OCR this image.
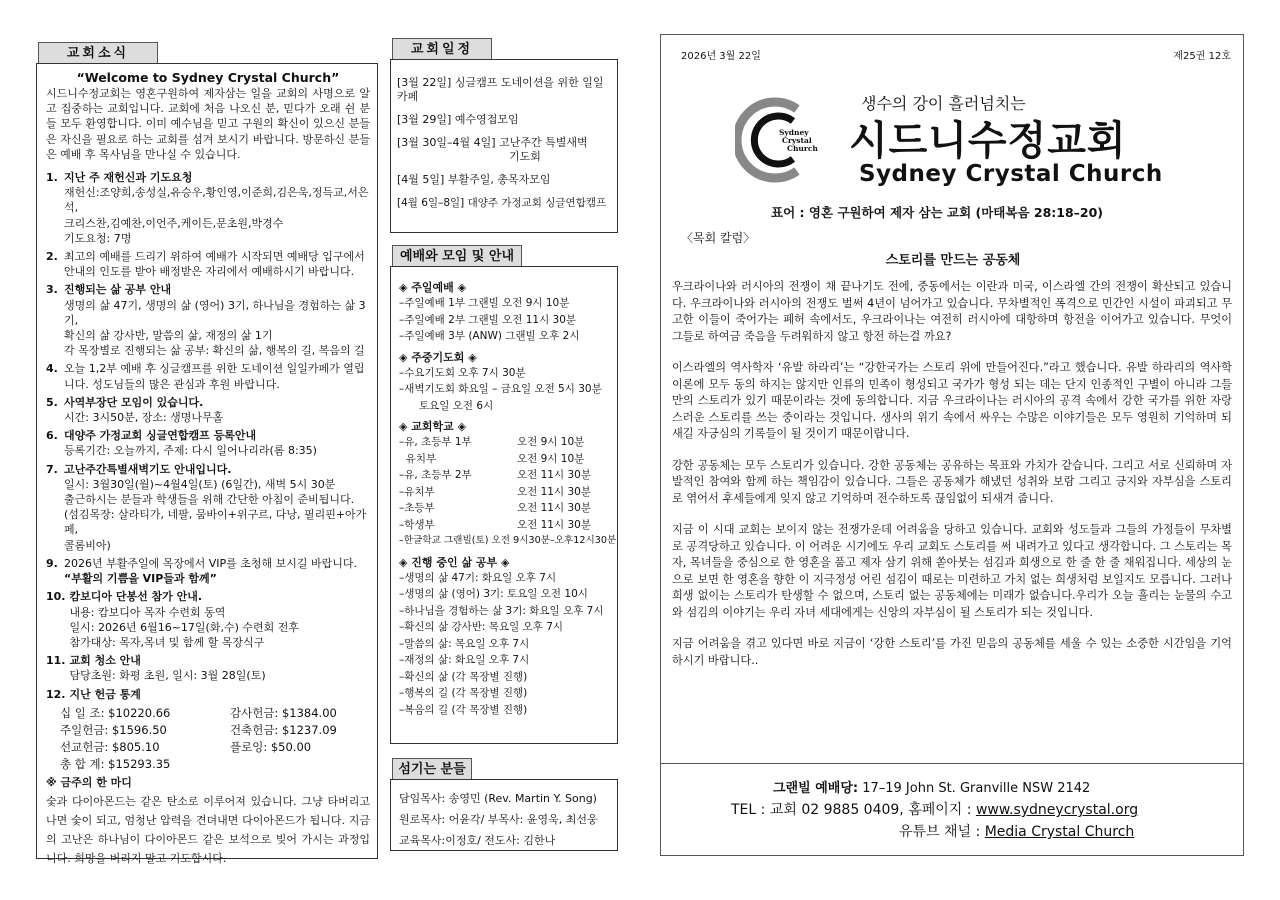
교회소식
“Welcome to Sydney Crystal Church”
시드니수정교회는 영혼구원하여 제자삼는 일을 교회의 사명으로 알고 집중하는 교회입니다. 교회에 처음 나오신 분, 믿다가 오래 쉰 분들 모두 환영합니다. 이미 예수님을 믿고 구원의 확신이 있으신 분들은 자신을 필요로 하는 교회를 섬겨 보시기 바랍니다. 방문하신 분들은 예배 후 목사님을 만나실 수 있습니다.
1. 지난 주 재헌신과 기도요청
재헌신:조양희,송성실,유승우,황인영,이준희,김은욱,정득교,서은석,
크리스찬,김예찬,이언주,케이든,문초원,박경수
기도요청: 7명
2. 최고의 예배를 드리기 위하여 예배가 시작되면 예배당 입구에서 안내의 인도를 받아 배정받은 자리에서 예배하시기 바랍니다.
3. 진행되는 삶 공부 안내
생명의 삶 47기, 생명의 삶 (영어) 3기, 하나님을 경험하는 삶 3기,
확신의 삶 강사반, 말씀의 삶, 재정의 삶 1기
각 목장별로 진행되는 삶 공부: 확신의 삶, 행복의 길, 복음의 길
4. 오늘 1,2부 예배 후 싱글캠프를 위한 도네이션 일일카페가 열립니다. 성도님들의 많은 관심과 후원 바랍니다.
5. 사역부장단 모임이 있습니다.
시간: 3시50분, 장소: 생명나무홀
6. 대양주 가정교회 싱글연합캠프 등록안내
등록기간: 오늘까지, 주제: 다시 일어나리라(롬 8:35)
7. 고난주간특별새벽기도 안내입니다.
일시: 3월30일(월)~4월4일(토) (6일간), 새벽 5시 30분
출근하시는 분들과 학생들을 위해 간단한 아침이 준비됩니다.
(섬김목장: 살라티가, 네팔, 뭄바이+위구르, 다낭, 필리핀+아가페,
콜롬비아)
9. 2026년 부활주일에 목장에서 VIP를 초청해 보시길 바랍니다.
“부활의 기쁨을 VIP들과 함께”
10. 캄보디아 단봉선 참가 안내.
내용: 캄보디아 목자 수련회 동역
일시: 2026년 6월16~17일(화,수) 수련회 전후
참가대상: 목자,목녀 및 함께 할 목장식구
11. 교회 청소 안내
담당초원: 화평 초원, 일시: 3월 28일(토)
12. 지난 헌금 통계
십 일 조: $10220.66	감사헌금: $1384.00
주일헌금: $1596.50	건축헌금: $1237.09
선교헌금: $805.10	플로잉: $50.00
총 합 계: $15293.35
※ 금주의 한 마디
숯과 다이아몬드는 같은 탄소로 이루어져 있습니다. 그냥 타버리고 나면 숯이 되고, 엄청난 압력을 견뎌내면 다이아몬드가 됩니다. 지금의 고난은 하나님이 다이아몬드 같은 보석으로 빚어 가시는 과정입니다. 희망을 버리지 말고 기도합시다.
교회일정
[3월 22일] 싱글캠프 도네이션을 위한 일일카페
[3월 29일] 예수영접모임
[3월 30일–4월 4일] 고난주간 특별새벽
기도회
[4월 5일] 부활주일, 총목자모임
[4월 6일–8일] 대양주 가정교회 싱글연합캠프
예배와 모임 및 안내
◈ 주일예배 ◈
–주일예배 1부 그랜빌 오전 9시 10분
–주일예배 2부 그랜빌 오전 11시 30분
–주일예배 3부 (ANW) 그랜빌 오후 2시
◈ 주중기도회 ◈
–수요기도회 오후 7시 30분
–새벽기도회 화요일 – 금요일 오전 5시 30분
토요일 오전 6시
◈ 교회학교 ◈
–유, 초등부 1부	오전 9시 10분
유치부	오전 9시 10분
–유, 초등부 2부	오전 11시 30분
–유치부	오전 11시 30분
–초등부	오전 11시 30분
–학생부	오전 11시 30분
–한글학교 그랜빌(토) 오전 9시30분–오후12시30분
◈ 진행 중인 삶 공부 ◈
–생명의 삶 47기: 화요일 오후 7시
–생명의 삶 (영어) 3기: 토요일 오전 10시
–하나님을 경험하는 삶 3기: 화요일 오후 7시
–확신의 삶 강사반: 목요일 오후 7시
–말씀의 삶: 목요일 오후 7시
–재정의 삶: 화요일 오후 7시
–확신의 삶 (각 목장별 진행)
–행복의 길 (각 목장별 진행)
–복음의 길 (각 목장별 진행)
섬기는 분들
담임목사: 송영민 (Rev. Martin Y. Song)
원로목사: 어윤각/ 부목사: 윤영욱, 최선웅
교육목사:이정호/ 전도사: 김한나
2026년 3월 22일	제25권 12호
Sydney
Crystal
Church
생수의 강이 흘러넘치는
시드니수정교회
Sydney Crystal Church
표어 : 영혼 구원하여 제자 삼는 교회 (마태복음 28:18–20)
〈목회 칼럼〉
스토리를 만드는 공동체

우크라이나와 러시아의 전쟁이 채 끝나기도 전에, 중동에서는 이란과 미국, 이스라엘 간의 전쟁이 확산되고 있습니다. 우크라이나와 러시아의 전쟁도 벌써 4년이 넘어가고 있습니다. 무차별적인 폭격으로 민간인 시설이 파괴되고 무고한 이들이 죽어가는 폐허 속에서도, 우크라이나는 여전히 러시아에 대항하며 항전을 이어가고 있습니다. 무엇이 그들로 하여금 죽음을 두려워하지 않고 항전 하는걸 까요?

이스라엘의 역사학자 ‘유발 하라리’는 “강한국가는 스토리 위에 만들어진다.”라고 했습니다. 유발 하라리의 역사학 이론에 모두 동의 하지는 않지만 인류의 민족이 형성되고 국가가 형성 되는 데는 단지 인종적인 구별이 아니라 그들만의 스토리가 있기 때문이라는 것에 동의합니다. 지금 우크라이나는 러시아의 공격 속에서 강한 국가를 위한 자랑스러운 스토리를 쓰는 중이라는 것입니다. 생사의 위기 속에서 싸우는 수많은 이야기들은 모두 영원히 기억하며 되새길 자긍심의 기록들이 될 것이기 때문이랍니다.

강한 공동체는 모두 스토리가 있습니다. 강한 공동체는 공유하는 목표와 가치가 같습니다. 그리고 서로 신뢰하며 자발적인 참여와 함께 하는 책임감이 있습니다. 그들은 공동체가 해냈던 성취와 보람 그리고 긍지와 자부심을 스토리로 엮어서 후세들에게 잊지 않고 기억하며 전수하도록 끊임없이 되새겨 줍니다.

지금 이 시대 교회는 보이지 않는 전쟁가운데 어려움을 당하고 있습니다. 교회와 성도들과 그들의 가정들이 무차별로 공격당하고 있습니다. 이 어려운 시기에도 우리 교회도 스토리를 써 내려가고 있다고 생각합니다. 그 스토리는 목자, 목녀들을 중심으로 한 영혼을 품고 제자 삼기 위해 쏟아붓는 섬김과 희생으로 한 줄 한 줄 채워집니다. 세상의 눈으로 보면 한 영혼을 향한 이 지극정성 어린 섬김이 때로는 미련하고 가치 없는 희생처럼 보일지도 모릅니다. 그러나 희생 없이는 스토리가 탄생할 수 없으며, 스토리 없는 공동체에는 미래가 없습니다.우리가 오늘 흘리는 눈물의 수고와 섬김의 이야기는 우리 자녀 세대에게는 신앙의 자부심이 될 스토리가 되는 것입니다.

지금 어려움을 겪고 있다면 바로 지금이 ‘강한 스토리’를 가진 믿음의 공동체를 세울 수 있는 소중한 시간임을 기억하시기 바랍니다..

그랜빌 예배당: 17–19 John St. Granville NSW 2142
TEL : 교회 02 9885 0409, 홈페이지 : www.sydneycrystal.org
유튜브 채널 : Media Crystal Church
